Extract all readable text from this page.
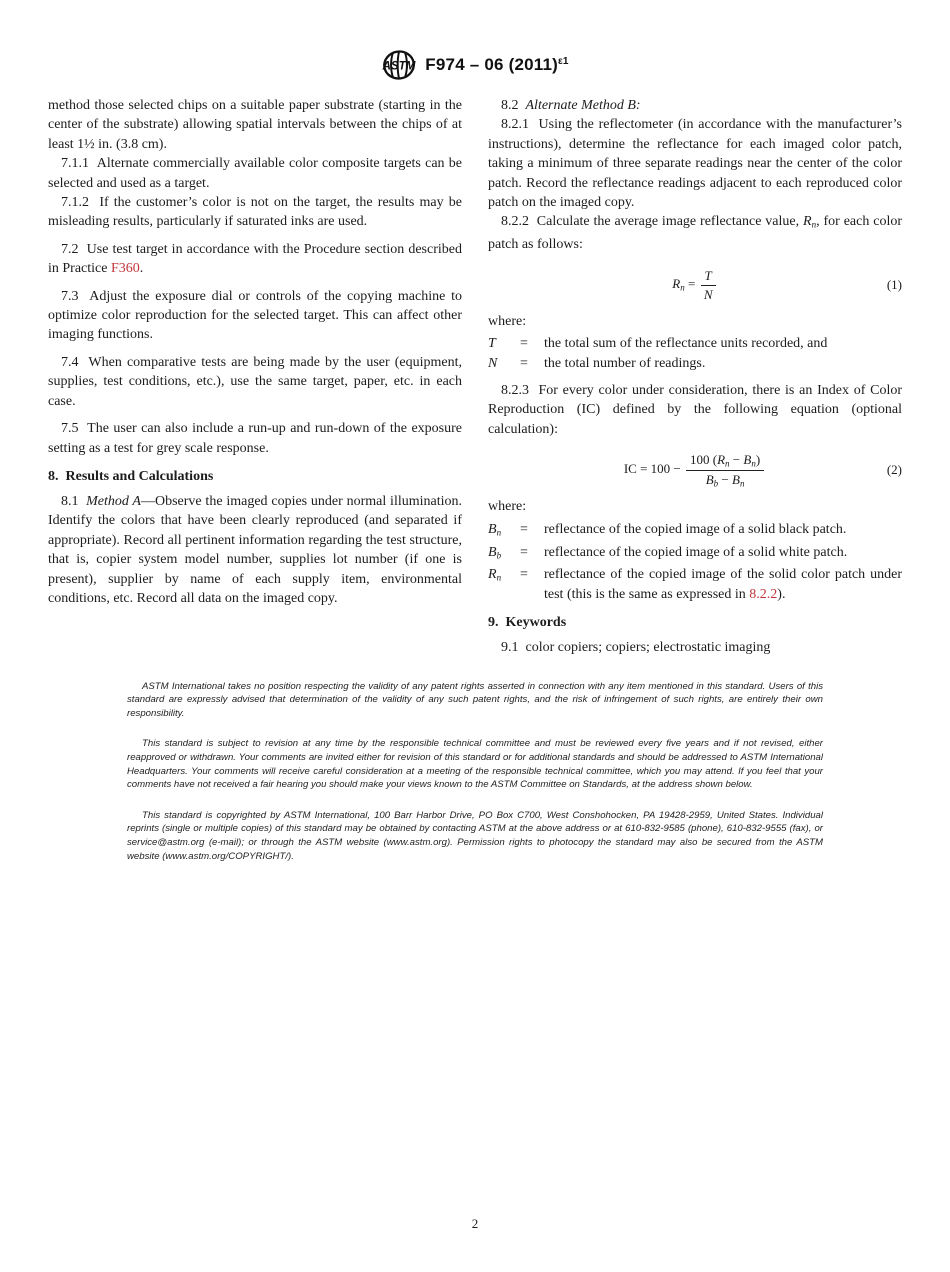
ASTM F974 – 06 $(2011)^{\varepsilon 1}$

method those selected chips on a suitable paper substrate (starting in the center of the substrate) allowing spatial intervals between the chips of at least 1½ in. (3.8 cm).

7.1.1  Alternate commercially available color composite targets can be selected and used as a target.

7.1.2  If the customer’s color is not on the target, the results may be misleading results, particularly if saturated inks are used.

7.2  Use test target in accordance with the Procedure section described in Practice F360.

7.3  Adjust the exposure dial or controls of the copying machine to optimize color reproduction for the selected target. This can affect other imaging functions.

7.4  When comparative tests are being made by the user (equipment, supplies, test conditions, etc.), use the same target, paper, etc. in each case.

7.5  The user can also include a run-up and run-down of the exposure setting as a test for grey scale response.

8.  Results and Calculations

8.1  Method A—Observe the imaged copies under normal illumination. Identify the colors that have been clearly reproduced (and separated if appropriate). Record all pertinent information regarding the test structure, that is, copier system model number, supplies lot number (if one is present), supplier by name of each supply item, environmental conditions, etc. Record all data on the imaged copy.

8.2  Alternate Method B:

8.2.1  Using the reflectometer (in accordance with the manufacturer’s instructions), determine the reflectance for each imaged color patch, taking a minimum of three separate readings near the center of the color patch. Record the reflectance readings adjacent to each reproduced color patch on the imaged copy.

8.2.2  Calculate the average image reflectance value, $R_n$, for each color patch as follows:

$R_n = \frac{T}{N}$	(1)

where:

T	=	the total sum of the reflectance units recorded, and
N	=	the total number of readings.

8.2.3  For every color under consideration, there is an Index of Color Reproduction (IC) defined by the following equation (optional calculation):

IC = $100 - \frac{100 (R_n - B_n)}{B_b - B_n}$	(2)

where:

$B_n$	=	reflectance of the copied image of a solid black patch.
$B_b$	=	reflectance of the copied image of a solid white patch.
$R_n$	=	reflectance of the copied image of the solid color patch under test (this is the same as expressed in 8.2.2).
9.  Keywords

9.1  color copiers; copiers; electrostatic imaging

ASTM International takes no position respecting the validity of any patent rights asserted in connection with any item mentioned in this standard. Users of this standard are expressly advised that determination of the validity of any such patent rights, and the risk of infringement of such rights, are entirely their own responsibility.

This standard is subject to revision at any time by the responsible technical committee and must be reviewed every five years and if not revised, either reapproved or withdrawn. Your comments are invited either for revision of this standard or for additional standards and should be addressed to ASTM International Headquarters. Your comments will receive careful consideration at a meeting of the responsible technical committee, which you may attend. If you feel that your comments have not received a fair hearing you should make your views known to the ASTM Committee on Standards, at the address shown below.

This standard is copyrighted by ASTM International, 100 Barr Harbor Drive, PO Box C700, West Conshohocken, PA 19428-2959, United States. Individual reprints (single or multiple copies) of this standard may be obtained by contacting ASTM at the above address or at 610-832-9585 (phone), 610-832-9555 (fax), or service@astm.org (e-mail); or through the ASTM website (www.astm.org). Permission rights to photocopy the standard may also be secured from the ASTM website (www.astm.org/COPYRIGHT/).

2
